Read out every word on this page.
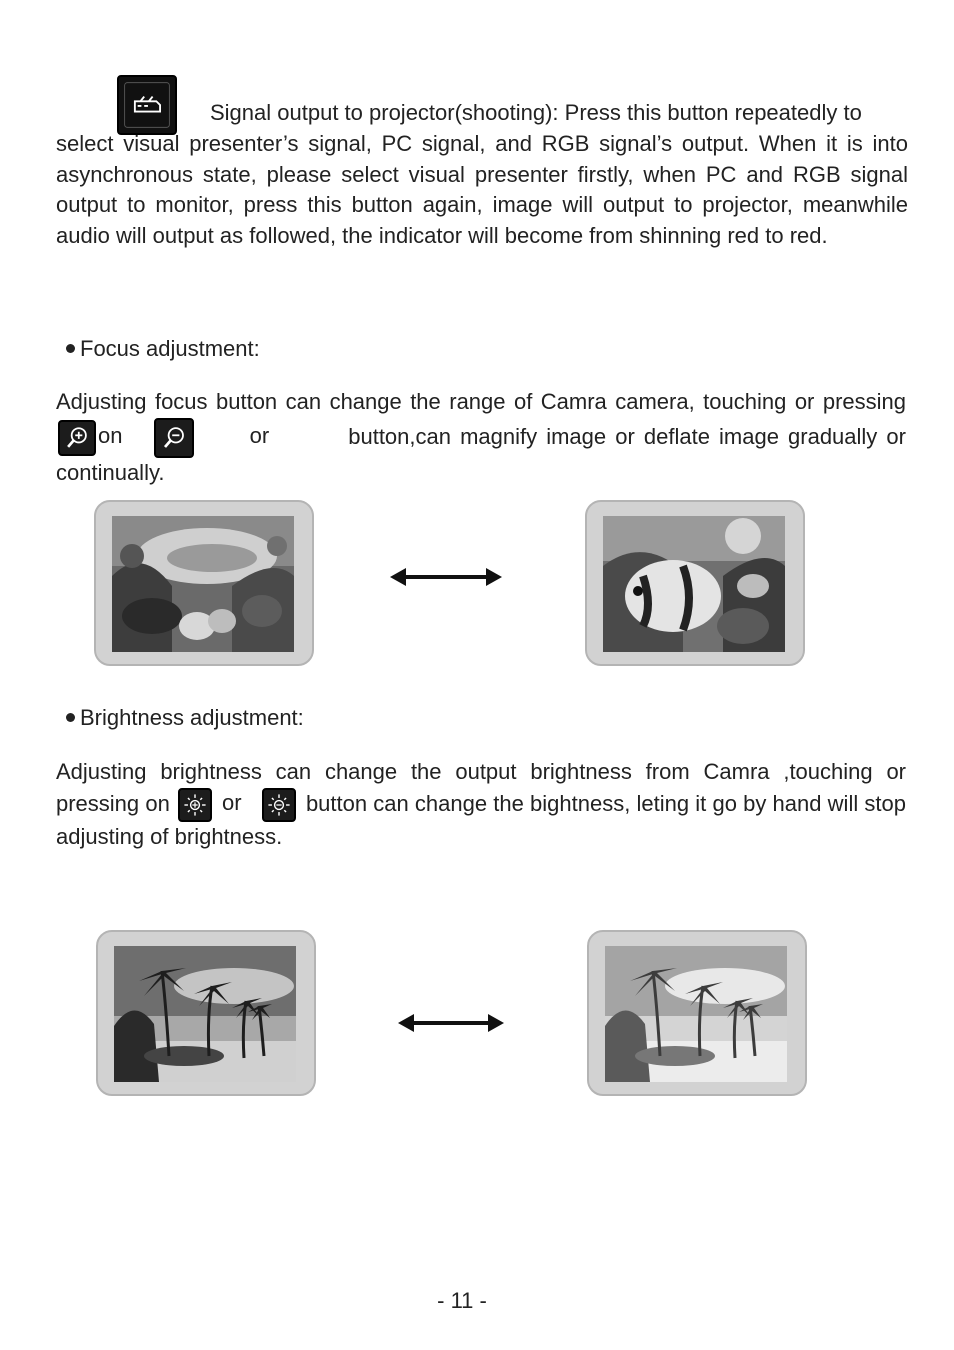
Signal output to projector(shooting): Press this button repeatedly to

select visual presenter’s signal, PC signal, and RGB signal’s output. When it is into asynchronous state, please select visual presenter firstly, when PC and RGB signal output to monitor, press this button again, image will output to projector, meanwhile audio will output as followed, the indicator will become from shinning red to red.

Focus adjustment:

Adjusting focus button can change the range of Camra camera, touching or pressing
on	or	button,can magnify image or deflate image gradually or continually.

Brightness adjustment:

Adjusting brightness can change the output brightness from Camra ,touching or pressing on or	button can change the bightness, leting it go by hand will stop adjusting of brightness.

- 11 -
